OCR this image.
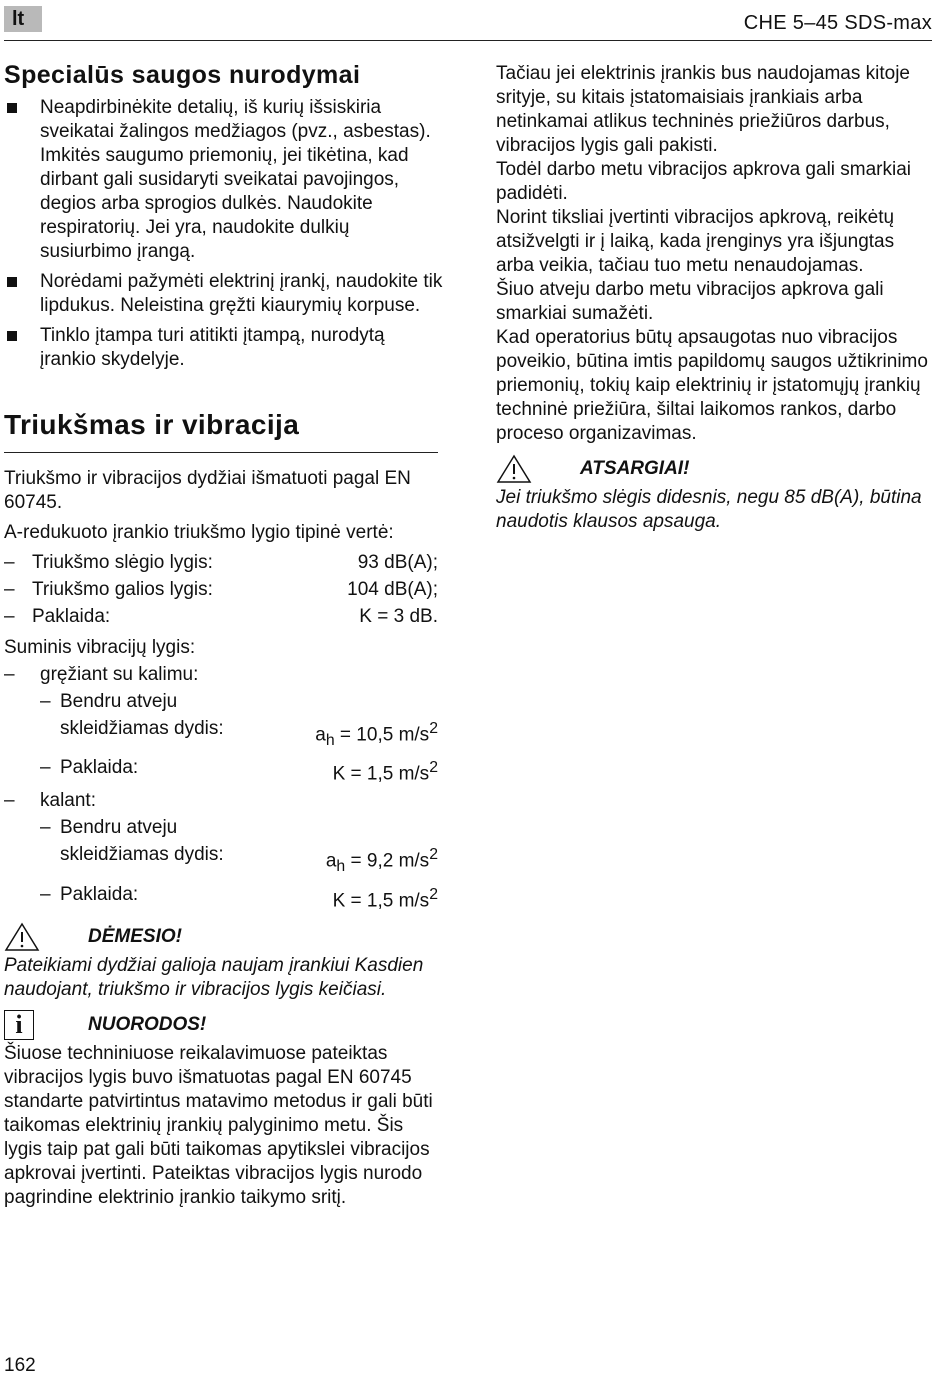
lt	CHE 5–45 SDS-max
Specialūs saugos nurodymai
Neapdirbinėkite detalių, iš kurių išsiskiria sveikatai žalingos medžiagos (pvz., asbestas). Imkitės saugumo priemonių, jei tikėtina, kad dirbant gali susidaryti sveikatai pavojingos, degios arba sprogios dulkės. Naudokite respiratorių. Jei yra, naudokite dulkių susiurbimo įrangą.
Norėdami pažymėti elektrinį įrankį, naudokite tik lipdukus. Neleistina gręžti kiaurymių korpuse.
Tinklo įtampa turi atitikti įtampą, nurodytą įrankio skydelyje.
Triukšmas ir vibracija

Triukšmo ir vibracijos dydžiai išmatuoti pagal EN 60745.

A-redukuoto įrankio triukšmo lygio tipinė vertė:

– Triukšmo slėgio lygis:	93 dB(A);
– Triukšmo galios lygis:	104 dB(A);
– Paklaida:	K = 3 dB.

Suminis vibracijų lygis:

–	gręžiant su kalimu:
– Bendru atveju
skleidžiamas dydis:	$a_h = 10,5$ $m/s^2$
– Paklaida:	K = 1,5 $m/s^2$
–	kalant:
– Bendru atveju
skleidžiamas dydis:	$a_h = 9,2$ $m/s^2$
– Paklaida:	K = 1,5 $m/s^2$
DĖMESIO!

Pateikiami dydžiai galioja naujam įrankiui Kasdien naudojant, triukšmo ir vibracijos lygis keičiasi.

i	NUORODOS!

Šiuose techniniuose reikalavimuose pateiktas vibracijos lygis buvo išmatuotas pagal EN 60745 standarte patvirtintus matavimo metodus ir gali būti taikomas elektrinių įrankių palyginimo metu. Šis lygis taip pat gali būti taikomas apytikslei vibracijos apkrovai įvertinti. Pateiktas vibracijos lygis nurodo pagrindine elektrinio įrankio taikymo sritį.

Tačiau jei elektrinis įrankis bus naudojamas kitoje srityje, su kitais įstatomaisiais įrankiais arba netinkamai atlikus techninės priežiūros darbus, vibracijos lygis gali pakisti.

Todėl darbo metu vibracijos apkrova gali smarkiai padidėti.

Norint tiksliai įvertinti vibracijos apkrovą, reikėtų atsižvelgti ir į laiką, kada įrenginys yra išjungtas arba veikia, tačiau tuo metu nenaudojamas.

Šiuo atveju darbo metu vibracijos apkrova gali smarkiai sumažėti.

Kad operatorius būtų apsaugotas nuo vibracijos poveikio, būtina imtis papildomų saugos užtikrinimo priemonių, tokių kaip elektrinių ir įstatomųjų įrankių techninė priežiūra, šiltai laikomos rankos, darbo proceso organizavimas.

ATSARGIAI!

Jei triukšmo slėgis didesnis, negu 85 dB(A), būtina naudotis klausos apsauga.

162
